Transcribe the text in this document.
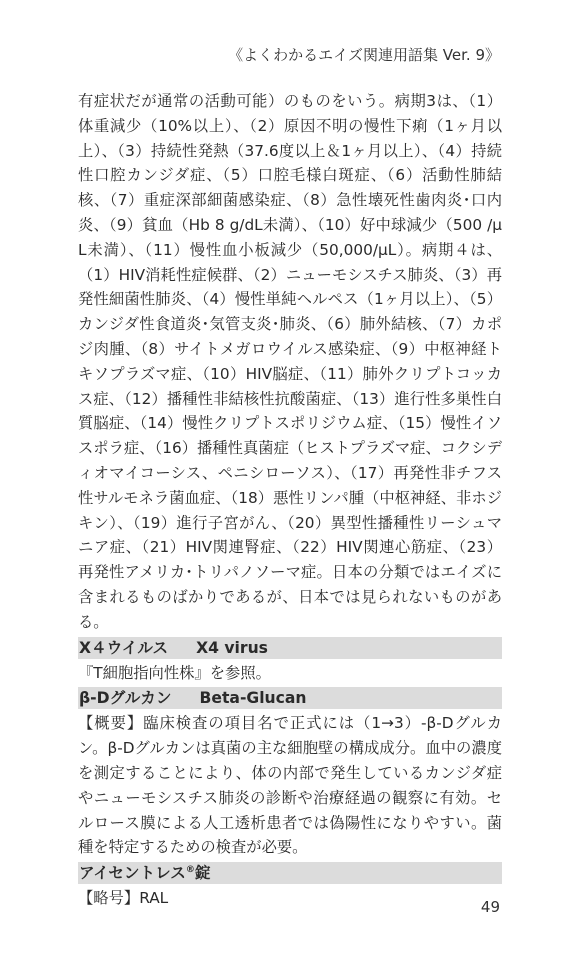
《よくわかるエイズ関連用語集 Ver. 9》

有症状だが通常の活動可能）のものをいう。病期3は、（1）体重減少（10%以上）、（2）原因不明の慢性下痢（1ヶ月以上）、（3）持続性発熱（37.6度以上＆1ヶ月以上）、（4）持続性口腔カンジダ症、（5）口腔毛様白斑症、（6）活動性肺結核、（7）重症深部細菌感染症、（8）急性壊死性歯肉炎･口内炎、（9）貧血（Hb 8 g/dL未満）、（10）好中球減少（500 /μL未満）、（11）慢性血小板減少（50,000/μL）。病期４は、（1）HIV消耗性症候群、（2）ニューモシスチス肺炎、（3）再発性細菌性肺炎、（4）慢性単純ヘルペス（1ヶ月以上）、（5）カンジダ性食道炎･気管支炎･肺炎、（6）肺外結核、（7）カポジ肉腫、（8）サイトメガロウイルス感染症、（9）中枢神経トキソプラズマ症、（10）HIV脳症、（11）肺外クリプトコッカス症、（12）播種性非結核性抗酸菌症、（13）進行性多巣性白質脳症、（14）慢性クリプトスポリジウム症、（15）慢性イソスポラ症、（16）播種性真菌症（ヒストプラズマ症、コクシディオマイコーシス、ペニシローソス）、（17）再発性非チフス性サルモネラ菌血症、（18）悪性リンパ腫（中枢神経、非ホジキン）、（19）進行子宮がん、（20）異型性播種性リーシュマニア症、（21）HIV関連腎症、（22）HIV関連心筋症、（23）再発性アメリカ･トリパノソーマ症。日本の分類ではエイズに含まれるものばかりであるが、日本では見られないものがある。

X４ウイルス X4 virus

『T細胞指向性株』を参照。

β-Dグルカン Beta-Glucan

【概要】臨床検査の項目名で正式には（1→3）-β-Dグルカン。β-Dグルカンは真菌の主な細胞壁の構成成分。血中の濃度を測定することにより、体の内部で発生しているカンジダ症やニューモシスチス肺炎の診断や治療経過の観察に有効。セルロース膜による人工透析患者では偽陽性になりやすい。菌種を特定するための検査が必要。

アイセントレス®錠

【略号】RAL	49
